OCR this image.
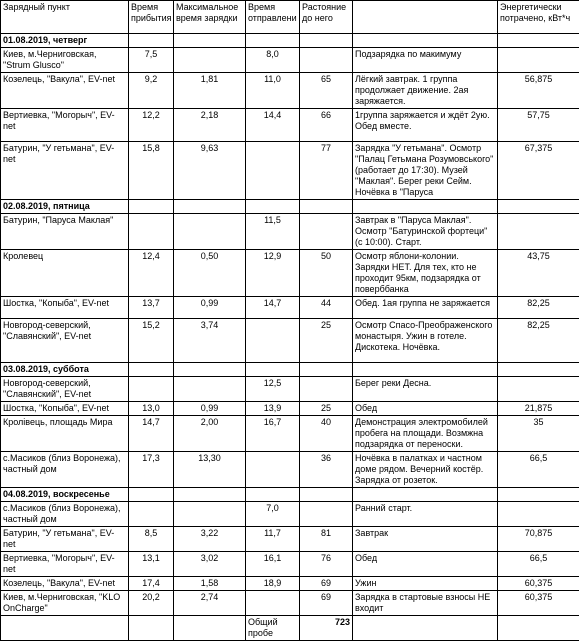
Зарядный пункт	Время прибытия	Максимальное время зарядки	Время отправлени	Растояние до него		Энергетически потрачено, кВт*ч
01.08.2019, четверг						
Киев, м.Черниговская, "Strum Glusco"	7,5		8,0		Подзарядка по макимуму	
Козелець, "Вакула", EV-net	9,2	1,81	11,0	65	Лёгкий завтрак. 1 группа продолжает движение. 2ая заряжается.	56,875
Вертиевка, "Могорыч", EV-net	12,2	2,18	14,4	66	1группа заряжается и ждёт 2ую. Обед вместе.	57,75
Батурин, "У гетьмана", EV-net	15,8	9,63		77	Зарядка "У гетьмана". Осмотр "Палац Гетьмана Розумовського" (работает до 17:30). Музей "Маклая". Берег реки Сейм. Ночёвка в "Паруса	67,375
02.08.2019, пятница						
Батурин, "Паруса Маклая"			11,5		Завтрак в "Паруса Маклая". Осмотр "Батуринской фортеци" (с 10:00). Старт.	
Кролевец	12,4	0,50	12,9	50	Осмотр яблони-колонии. Зарядки НЕТ. Для тех, кто не проходит 95км, подзарядка от поверббанка	43,75
Шостка, "Копыба", EV-net	13,7	0,99	14,7	44	Обед. 1ая группа не заряжается	82,25
Новгород-северский, "Славянский", EV-net	15,2	3,74		25	Осмотр Спасо-Преображенского монастыря. Ужин в готеле. Дискотека. Ночёвка.	82,25
03.08.2019, суббота						
Новгород-северский, "Славянский", EV-net			12,5		Берег реки Десна.	
Шостка, "Копыба", EV-net	13,0	0,99	13,9	25	Обед	21,875
Кролівець, площадь Мира	14,7	2,00	16,7	40	Демонстрация электромобилей пробега на площади. Возмжна подзарядка от переноски.	35
с.Масиков (близ Воронежа), частный дом	17,3	13,30		36	Ночёвка в палатках и частном доме рядом. Вечерний костёр. Зарядка от розеток.	66,5
04.08.2019, воскресенье						
с.Масиков (близ Воронежа), частный дом			7,0		Ранний старт.	
Батурин, "У гетьмана", EV-net	8,5	3,22	11,7	81	Завтрак	70,875
Вертиевка, "Могорыч", EV-net	13,1	3,02	16,1	76	Обед	66,5
Козелець, "Вакула", EV-net	17,4	1,58	18,9	69	Ужин	60,375
Киев, м.Черниговская, "KLO OnCharge"	20,2	2,74		69	Зарядка в стартовые взносы НЕ входит	60,375
			Общий пробе	723		
